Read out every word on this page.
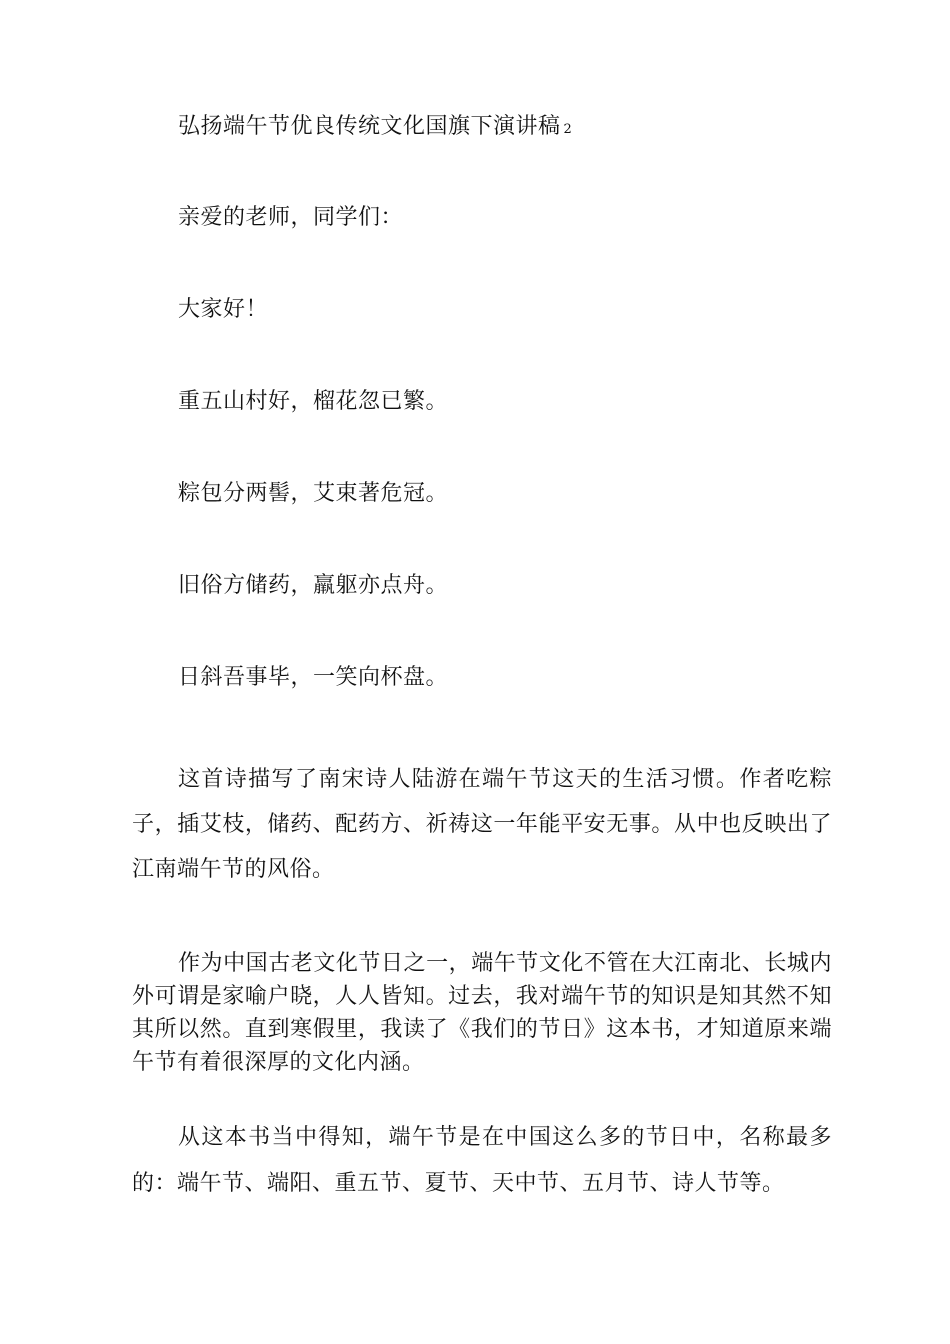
弘扬端午节优良传统文化国旗下演讲稿 2
亲爱的老师，同学们：
大家好！
重五山村好，榴花忽已繁。
粽包分两髻，艾束著危冠。
旧俗方储药，羸躯亦点舟。
日斜吾事毕，一笑向杯盘。

这首诗描写了南宋诗人陆游在端午节这天的生活习惯。作者吃粽子，插艾枝，储药、配药方、祈祷这一年能平安无事。从中也反映出了江南端午节的风俗。

作为中国古老文化节日之一，端午节文化不管在大江南北、长城内外可谓是家喻户晓，人人皆知。过去，我对端午节的知识是知其然不知其所以然。直到寒假里，我读了《我们的节日》这本书，才知道原来端午节有着很深厚的文化内涵。

从这本书当中得知，端午节是在中国这么多的节日中，名称最多的：端午节、端阳、重五节、夏节、天中节、五月节、诗人节等。
